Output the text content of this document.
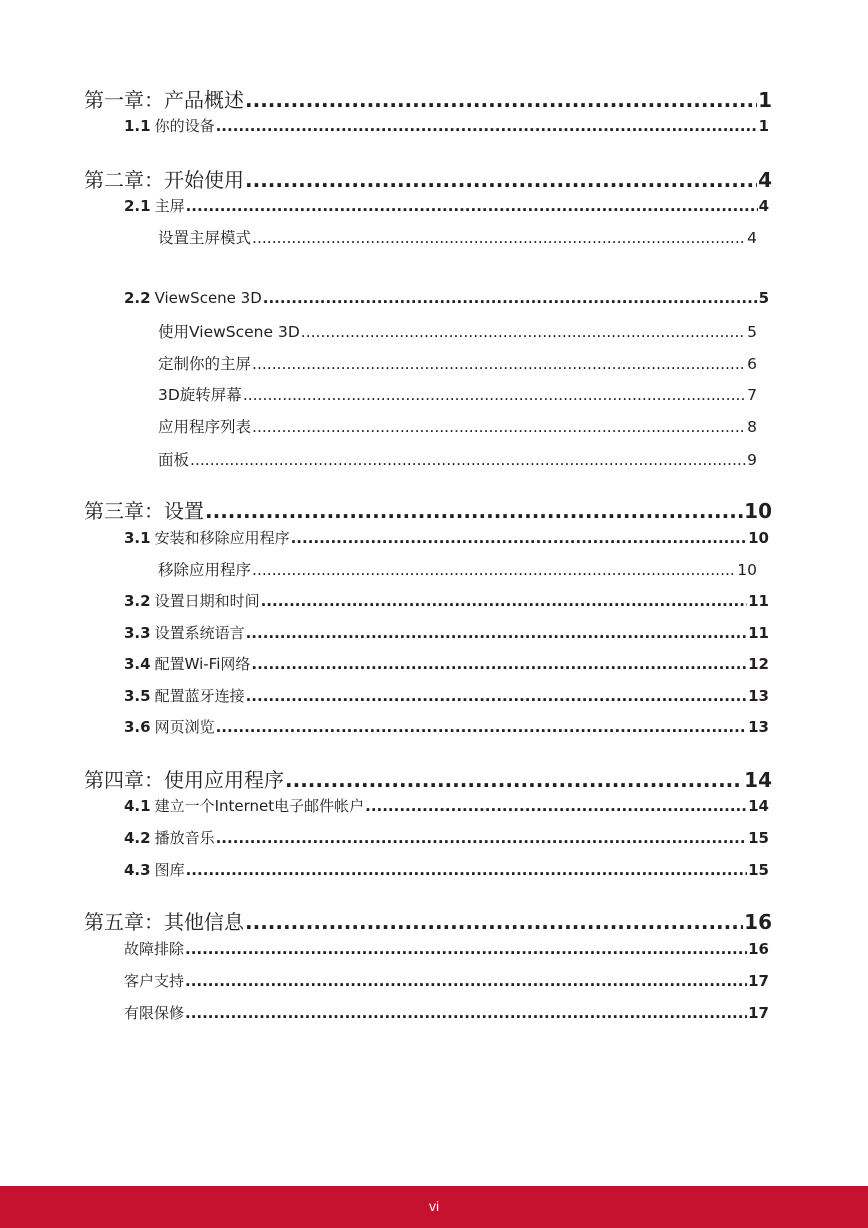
第一章：产品概述 .....	1
1.1 你的设备 .....	1
第二章：开始使用 .....	4
2.1 主屏 .....	4
设置主屏模式 .....	4
2.2 ViewScene 3D .....	5
使用ViewScene 3D .....	5
定制你的主屏 .....	6
3D旋转屏幕 .....	7
应用程序列表 .....	8
面板 .....	9
第三章：设置 .....	10
3.1 安装和移除应用程序 .....	10
移除应用程序 .....	10
3.2 设置日期和时间 .....	11
3.3 设置系统语言 .....	11
3.4 配置Wi-Fi网络 .....	12
3.5 配置蓝牙连接 .....	13
3.6 网页浏览 .....	13
第四章：使用应用程序 .....	14
4.1 建立一个Internet电子邮件帐户 .....	14
4.2 播放音乐 .....	15
4.3 图库 .....	15
第五章：其他信息 .....	16
故障排除 .....	16
客户支持 .....	17
有限保修 .....	17
vi
